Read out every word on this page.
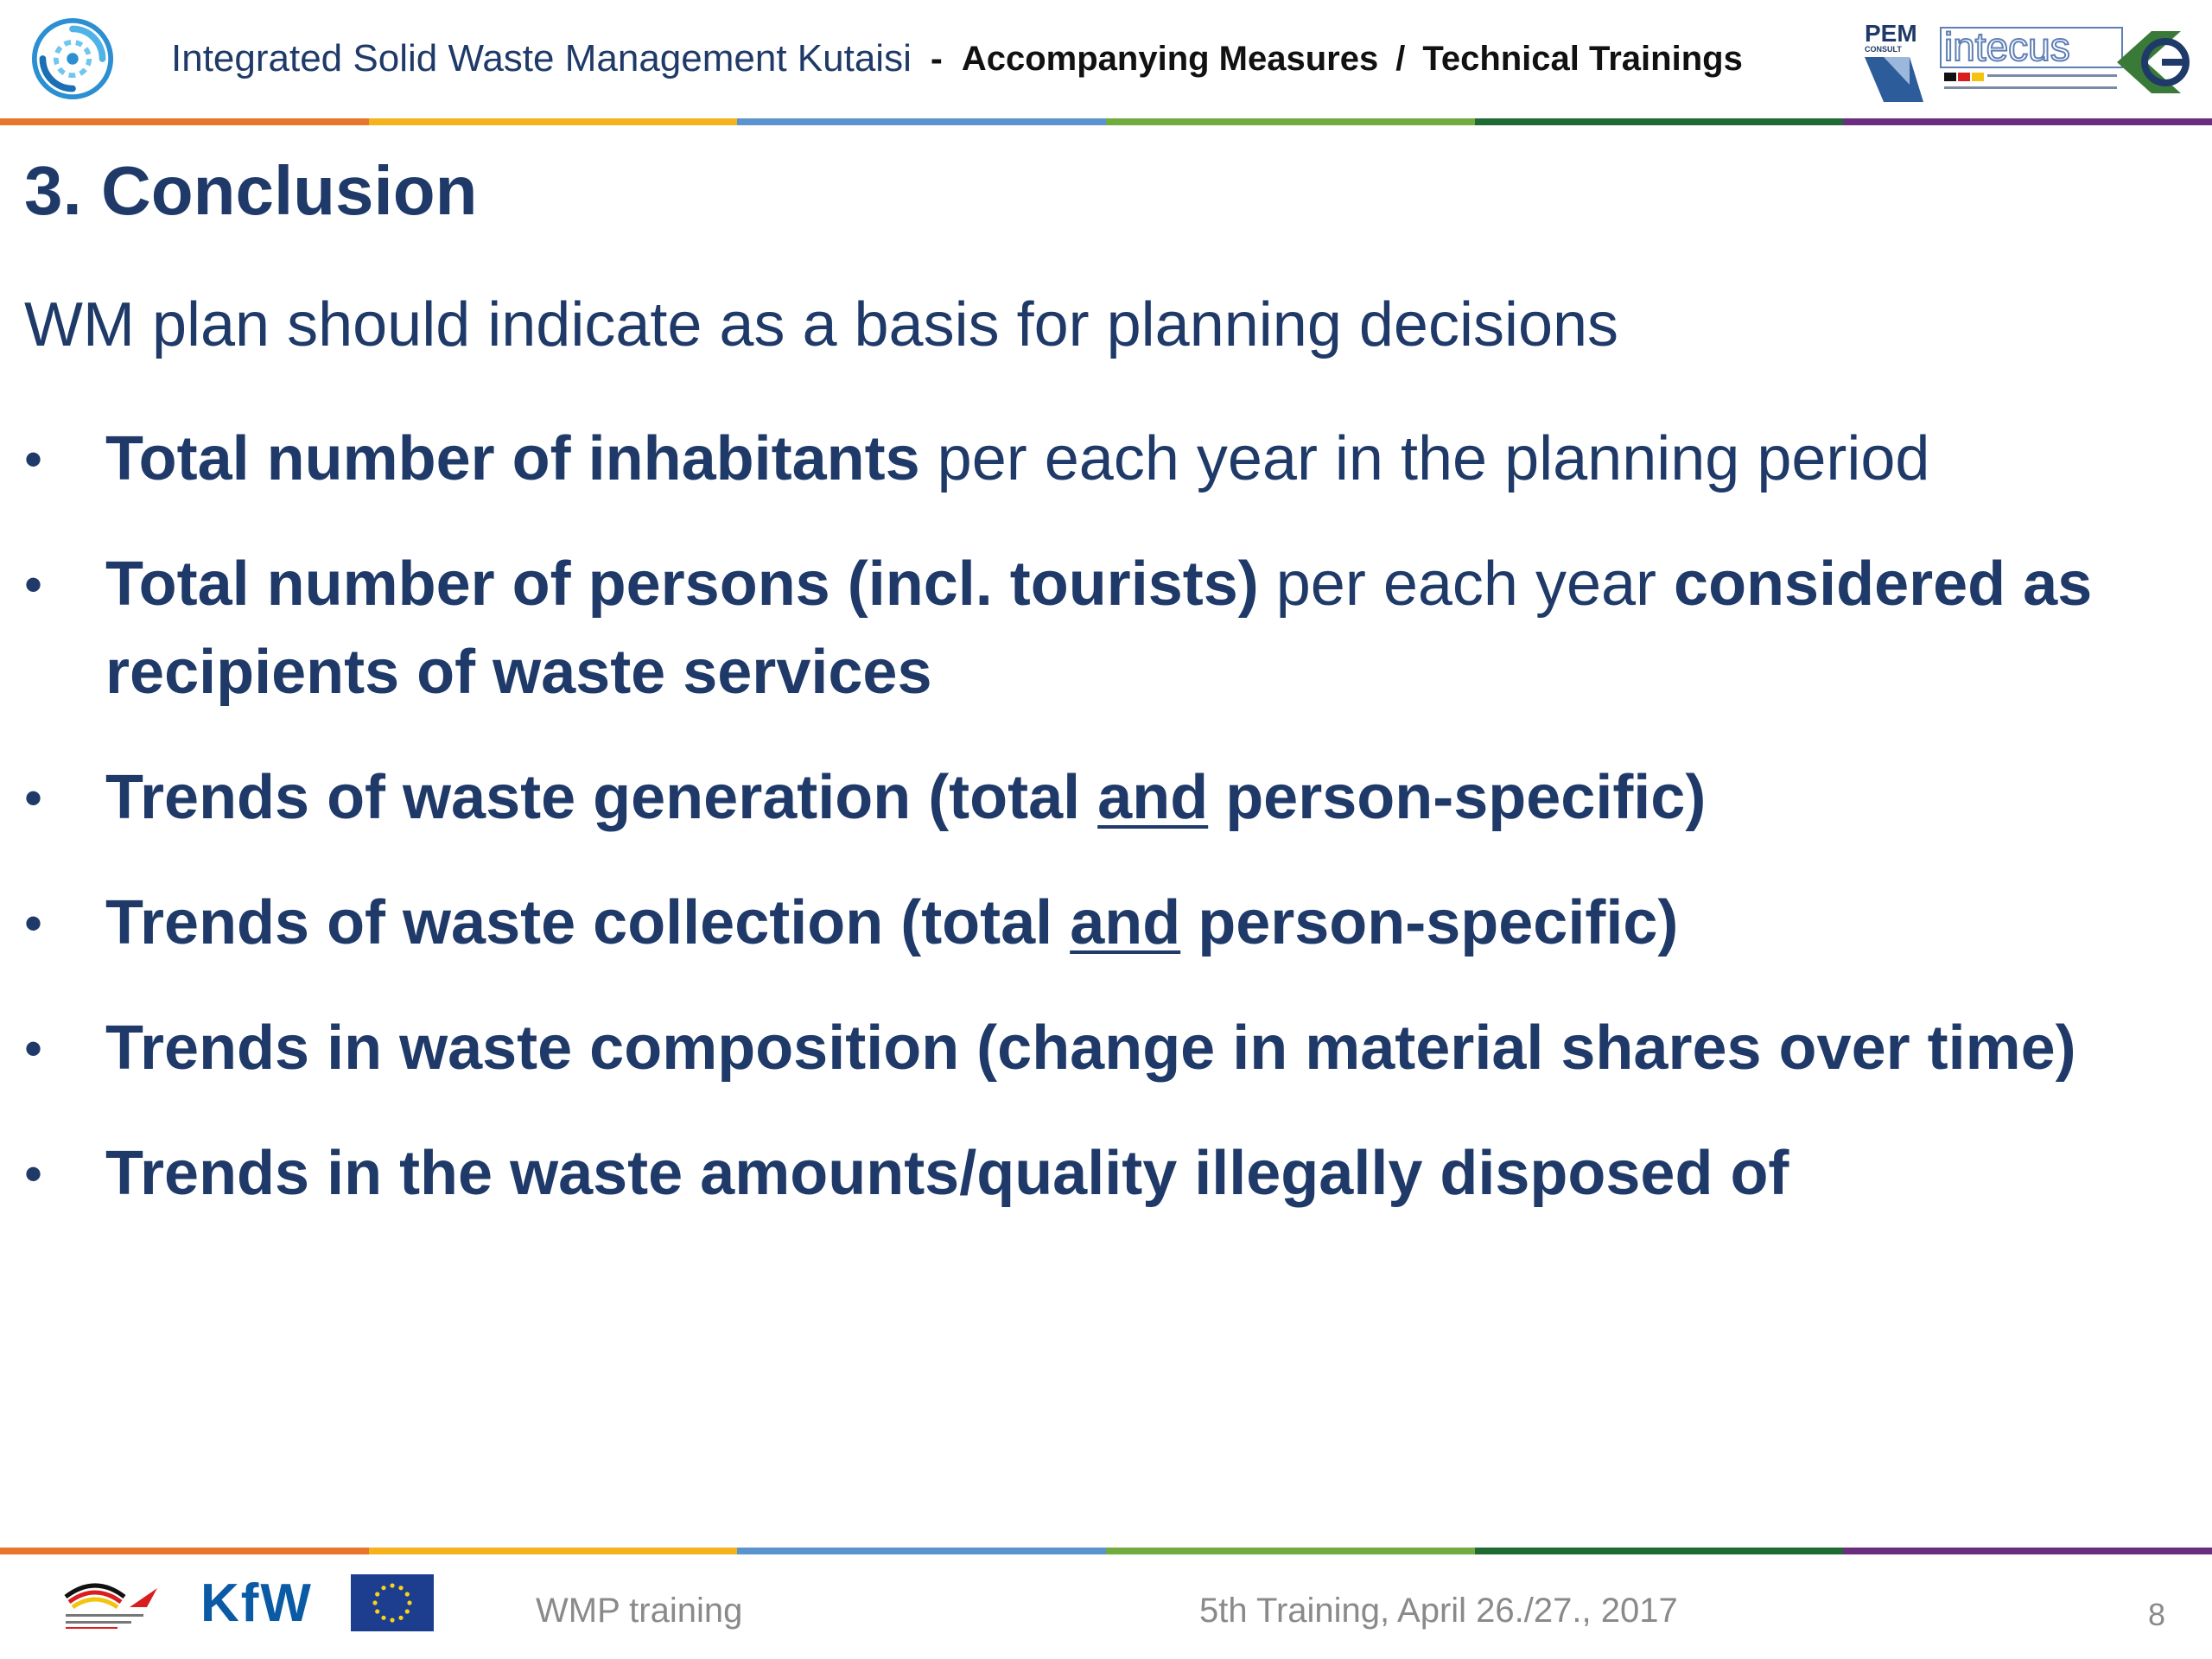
Integrated Solid Waste Management Kutaisi - Accompanying Measures / Technical Trainings
PEM
CONSULT intecus
3. Conclusion
WM plan should indicate as a basis for planning decisions
• Total number of inhabitants per each year in the planning period
• Total number of persons (incl. tourists) per each year considered as recipients of waste services
• Trends of waste generation (total and person-specific)
• Trends of waste collection (total and person-specific)
• Trends in waste composition (change in material shares over time)
• Trends in the waste amounts/quality illegally disposed of
KfW	WMP training	5th Training, April 26./27., 2017	8
